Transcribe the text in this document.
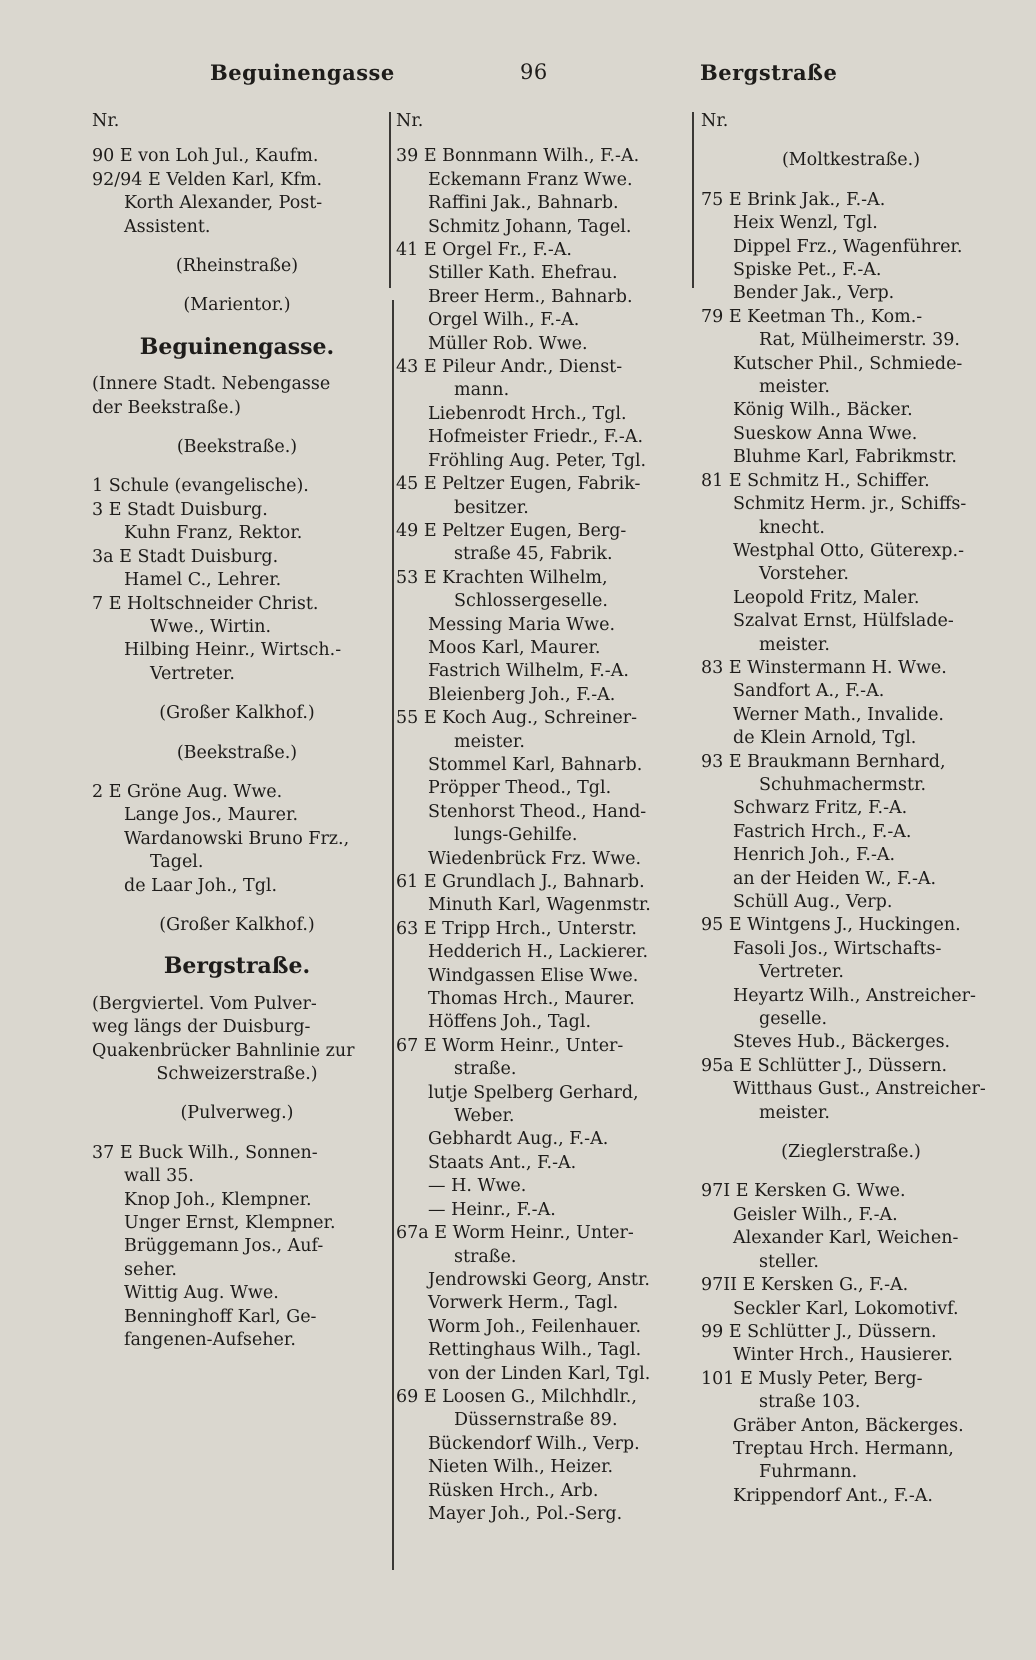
Beguinengasse	96	Bergstraße
Nr.
90 E von Loh Jul., Kaufm.
92/94 E Velden Karl, Kfm.
Korth Alexander, Post-
Assistent.
(Rheinstraße)
(Marientor.)
Beguinengasse.
(Innere Stadt. Nebengasse
der Beekstraße.)
(Beekstraße.)
1 Schule (evangelische).
3 E Stadt Duisburg.
Kuhn Franz, Rektor.
3a E Stadt Duisburg.
Hamel C., Lehrer.
7 E Holtschneider Christ.
Wwe., Wirtin.
Hilbing Heinr., Wirtsch.-
Vertreter.
(Großer Kalkhof.)
(Beekstraße.)
2 E Gröne Aug. Wwe.
Lange Jos., Maurer.
Wardanowski Bruno Frz.,
Tagel.
de Laar Joh., Tgl.
(Großer Kalkhof.)
Bergstraße.
(Bergviertel. Vom Pulver-
weg längs der Duisburg-
Quakenbrücker Bahnlinie zur
Schweizerstraße.)
(Pulverweg.)
37 E Buck Wilh., Sonnen-
wall 35.
Knop Joh., Klempner.
Unger Ernst, Klempner.
Brüggemann Jos., Auf-
seher.
Wittig Aug. Wwe.
Benninghoff Karl, Ge-
fangenen-Aufseher.
Nr.
39 E Bonnmann Wilh., F.-A.
Eckemann Franz Wwe.
Raffini Jak., Bahnarb.
Schmitz Johann, Tagel.
41 E Orgel Fr., F.-A.
Stiller Kath. Ehefrau.
Breer Herm., Bahnarb.
Orgel Wilh., F.-A.
Müller Rob. Wwe.
43 E Pileur Andr., Dienst-
mann.
Liebenrodt Hrch., Tgl.
Hofmeister Friedr., F.-A.
Fröhling Aug. Peter, Tgl.
45 E Peltzer Eugen, Fabrik-
besitzer.
49 E Peltzer Eugen, Berg-
straße 45, Fabrik.
53 E Krachten Wilhelm,
Schlossergeselle.
Messing Maria Wwe.
Moos Karl, Maurer.
Fastrich Wilhelm, F.-A.
Bleienberg Joh., F.-A.
55 E Koch Aug., Schreiner-
meister.
Stommel Karl, Bahnarb.
Pröpper Theod., Tgl.
Stenhorst Theod., Hand-
lungs-Gehilfe.
Wiedenbrück Frz. Wwe.
61 E Grundlach J., Bahnarb.
Minuth Karl, Wagenmstr.
63 E Tripp Hrch., Unterstr.
Hedderich H., Lackierer.
Windgassen Elise Wwe.
Thomas Hrch., Maurer.
Höffens Joh., Tagl.
67 E Worm Heinr., Unter-
straße.
lutje Spelberg Gerhard,
Weber.
Gebhardt Aug., F.-A.
Staats Ant., F.-A.
— H. Wwe.
— Heinr., F.-A.
67a E Worm Heinr., Unter-
straße.
Jendrowski Georg, Anstr.
Vorwerk Herm., Tagl.
Worm Joh., Feilenhauer.
Rettinghaus Wilh., Tagl.
von der Linden Karl, Tgl.
69 E Loosen G., Milchhdlr.,
Düssernstraße 89.
Bückendorf Wilh., Verp.
Nieten Wilh., Heizer.
Rüsken Hrch., Arb.
Mayer Joh., Pol.-Serg.
Nr.
(Moltkestraße.)
75 E Brink Jak., F.-A.
Heix Wenzl, Tgl.
Dippel Frz., Wagenführer.
Spiske Pet., F.-A.
Bender Jak., Verp.
79 E Keetman Th., Kom.-
Rat, Mülheimerstr. 39.
Kutscher Phil., Schmiede-
meister.
König Wilh., Bäcker.
Sueskow Anna Wwe.
Bluhme Karl, Fabrikmstr.
81 E Schmitz H., Schiffer.
Schmitz Herm. jr., Schiffs-
knecht.
Westphal Otto, Güterexp.-
Vorsteher.
Leopold Fritz, Maler.
Szalvat Ernst, Hülfslade-
meister.
83 E Winstermann H. Wwe.
Sandfort A., F.-A.
Werner Math., Invalide.
de Klein Arnold, Tgl.
93 E Braukmann Bernhard,
Schuhmachermstr.
Schwarz Fritz, F.-A.
Fastrich Hrch., F.-A.
Henrich Joh., F.-A.
an der Heiden W., F.-A.
Schüll Aug., Verp.
95 E Wintgens J., Huckingen.
Fasoli Jos., Wirtschafts-
Vertreter.
Heyartz Wilh., Anstreicher-
geselle.
Steves Hub., Bäckerges.
95a E Schlütter J., Düssern.
Witthaus Gust., Anstreicher-
meister.
(Zieglerstraße.)
97I E Kersken G. Wwe.
Geisler Wilh., F.-A.
Alexander Karl, Weichen-
steller.
97II E Kersken G., F.-A.
Seckler Karl, Lokomotivf.
99 E Schlütter J., Düssern.
Winter Hrch., Hausierer.
101 E Musly Peter, Berg-
straße 103.
Gräber Anton, Bäckerges.
Treptau Hrch. Hermann,
Fuhrmann.
Krippendorf Ant., F.-A.
